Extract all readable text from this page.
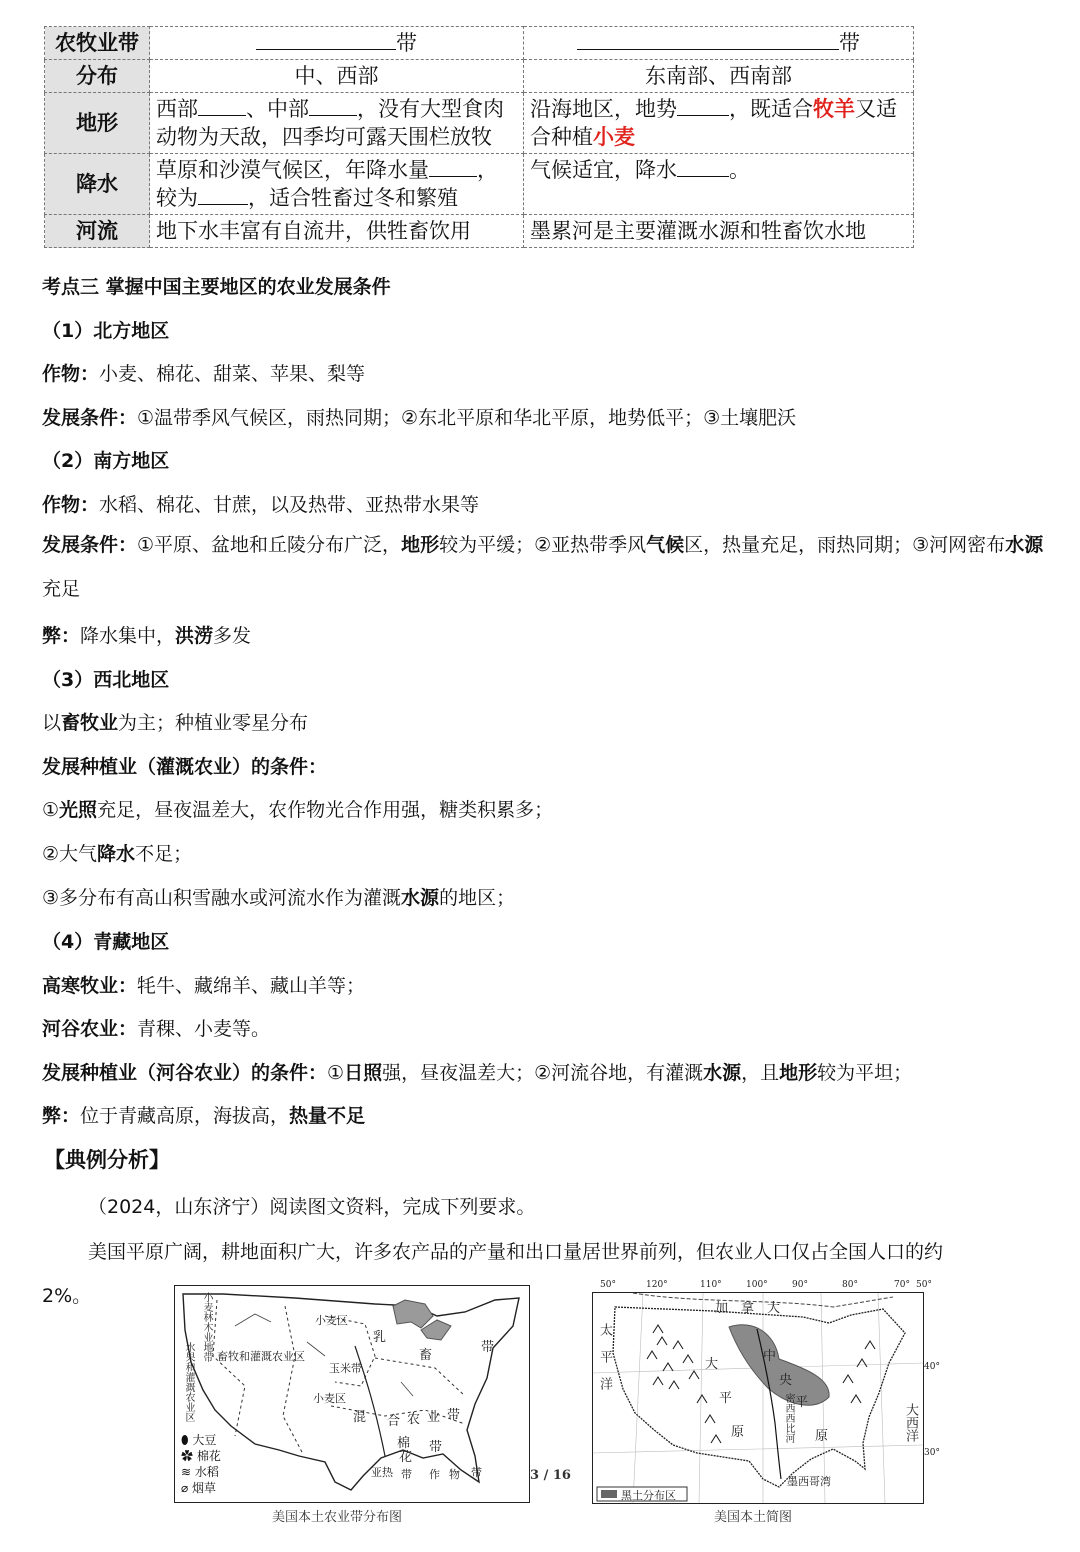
农牧业带	带	带
分布	中、西部	东南部、西南部
地形	西部 、中部 ，没有大型食肉动物为天敌，四季均可露天围栏放牧	沿海地区，地势 ，既适合牧羊又适合种植小麦
降水	草原和沙漠气候区，年降水量 ，较为 ，适合牲畜过冬和繁殖	气候适宜，降水 。
河流	地下水丰富有自流井，供牲畜饮用	墨累河是主要灌溉水源和牲畜饮水地
考点三 掌握中国主要地区的农业发展条件
（1）北方地区
作物：小麦、棉花、甜菜、苹果、梨等
发展条件：①温带季风气候区，雨热同期；②东北平原和华北平原，地势低平；③土壤肥沃
（2）南方地区
作物：水稻、棉花、甘蔗，以及热带、亚热带水果等
发展条件：①平原、盆地和丘陵分布广泛，地形较为平缓；②亚热带季风气候区，热量充足，雨热同期；③河网密布水源充足
弊：降水集中，洪涝多发
（3）西北地区
以畜牧业为主；种植业零星分布
发展种植业（灌溉农业）的条件：
①光照充足，昼夜温差大，农作物光合作用强，糖类积累多；
②大气降水不足；
③多分布有高山积雪融水或河流水作为灌溉水源的地区；
（4）青藏地区
高寒牧业：牦牛、藏绵羊、藏山羊等；
河谷农业：青稞、小麦等。
发展种植业（河谷农业）的条件：①日照强，昼夜温差大；②河流谷地，有灌溉水源，且地形较为平坦；
弊：位于青藏高原，海拔高，热量不足
【典例分析】
（2024，山东济宁）阅读图文资料，完成下列要求。
美国平原广阔，耕地面积广大，许多农产品的产量和出口量居世界前列，但农业人口仅占全国人口的约
2%。
小麦区
乳
畜
带
畜牧和灌溉农业区
玉米带
小麦区
混 合 农 业 带
棉
花
带
亚热 带 作 物 带
小麦林木业地带
水果和灌溉农业区
⬮ 大豆
✿ 棉花
≋ 水稻
⌀ 烟草
美国本土农业带分布图
3 / 16
50°	120°	110°	100°	90°	80°	70° 50°
加　拿　大
太平洋
大西洋
大
平
原
中
央
平
原
密西西比河
墨西哥湾
黑土分布区
40°
30°
美国本土简图
